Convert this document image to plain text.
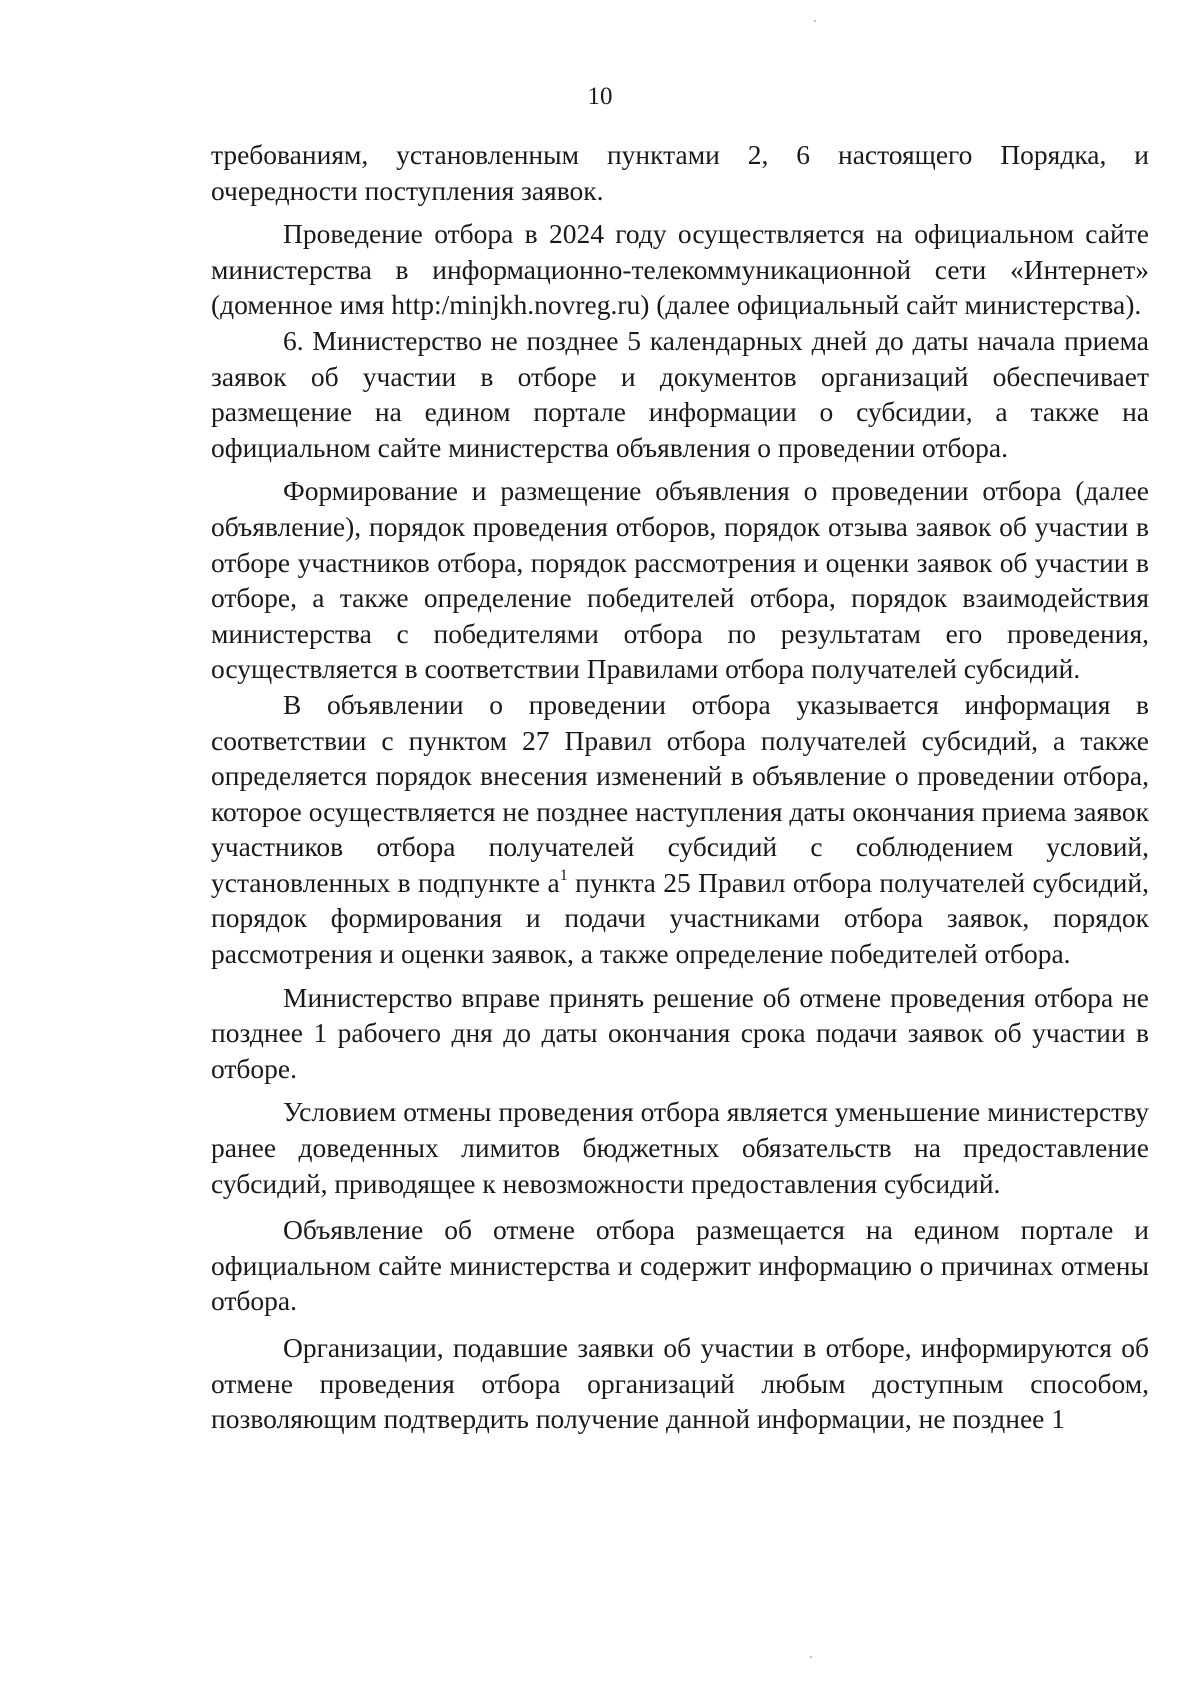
10

требованиям, установленным пунктами 2, 6 настоящего Порядка, и очередности поступления заявок.

Проведение отбора в 2024 году осуществляется на официальном сайте министерства в информационно-телекоммуникационной сети «Интернет» (доменное имя http:/minjkh.novreg.ru) (далее официальный сайт министерства).

6. Министерство не позднее 5 календарных дней до даты начала приема заявок об участии в отборе и документов организаций обеспечивает размещение на едином портале информации о субсидии, а также на официальном сайте министерства объявления о проведении отбора.

Формирование и размещение объявления о проведении отбора (далее объявление), порядок проведения отборов, порядок отзыва заявок об участии в отборе участников отбора, порядок рассмотрения и оценки заявок об участии в отборе, а также определение победителей отбора, порядок взаимодействия министерства с победителями отбора по результатам его проведения, осуществляется в соответствии Правилами отбора получателей субсидий.

В объявлении о проведении отбора указывается информация в соответствии с пунктом 27 Правил отбора получателей субсидий, а также определяется порядок внесения изменений в объявление о проведении отбора, которое осуществляется не позднее наступления даты окончания приема заявок участников отбора получателей субсидий с соблюдением условий, установленных в подпункте $а^1$ пункта 25 Правил отбора получателей субсидий, порядок формирования и подачи участниками отбора заявок, порядок рассмотрения и оценки заявок, а также определение победителей отбора.

Министерство вправе принять решение об отмене проведения отбора не позднее 1 рабочего дня до даты окончания срока подачи заявок об участии в отборе.

Условием отмены проведения отбора является уменьшение министерству ранее доведенных лимитов бюджетных обязательств на предоставление субсидий, приводящее к невозможности предоставления субсидий.

Объявление об отмене отбора размещается на едином портале и официальном сайте министерства и содержит информацию о причинах отмены отбора.

Организации, подавшие заявки об участии в отборе, информируются об отмене проведения отбора организаций любым доступным способом, позволяющим подтвердить получение данной информации, не позднее 1
